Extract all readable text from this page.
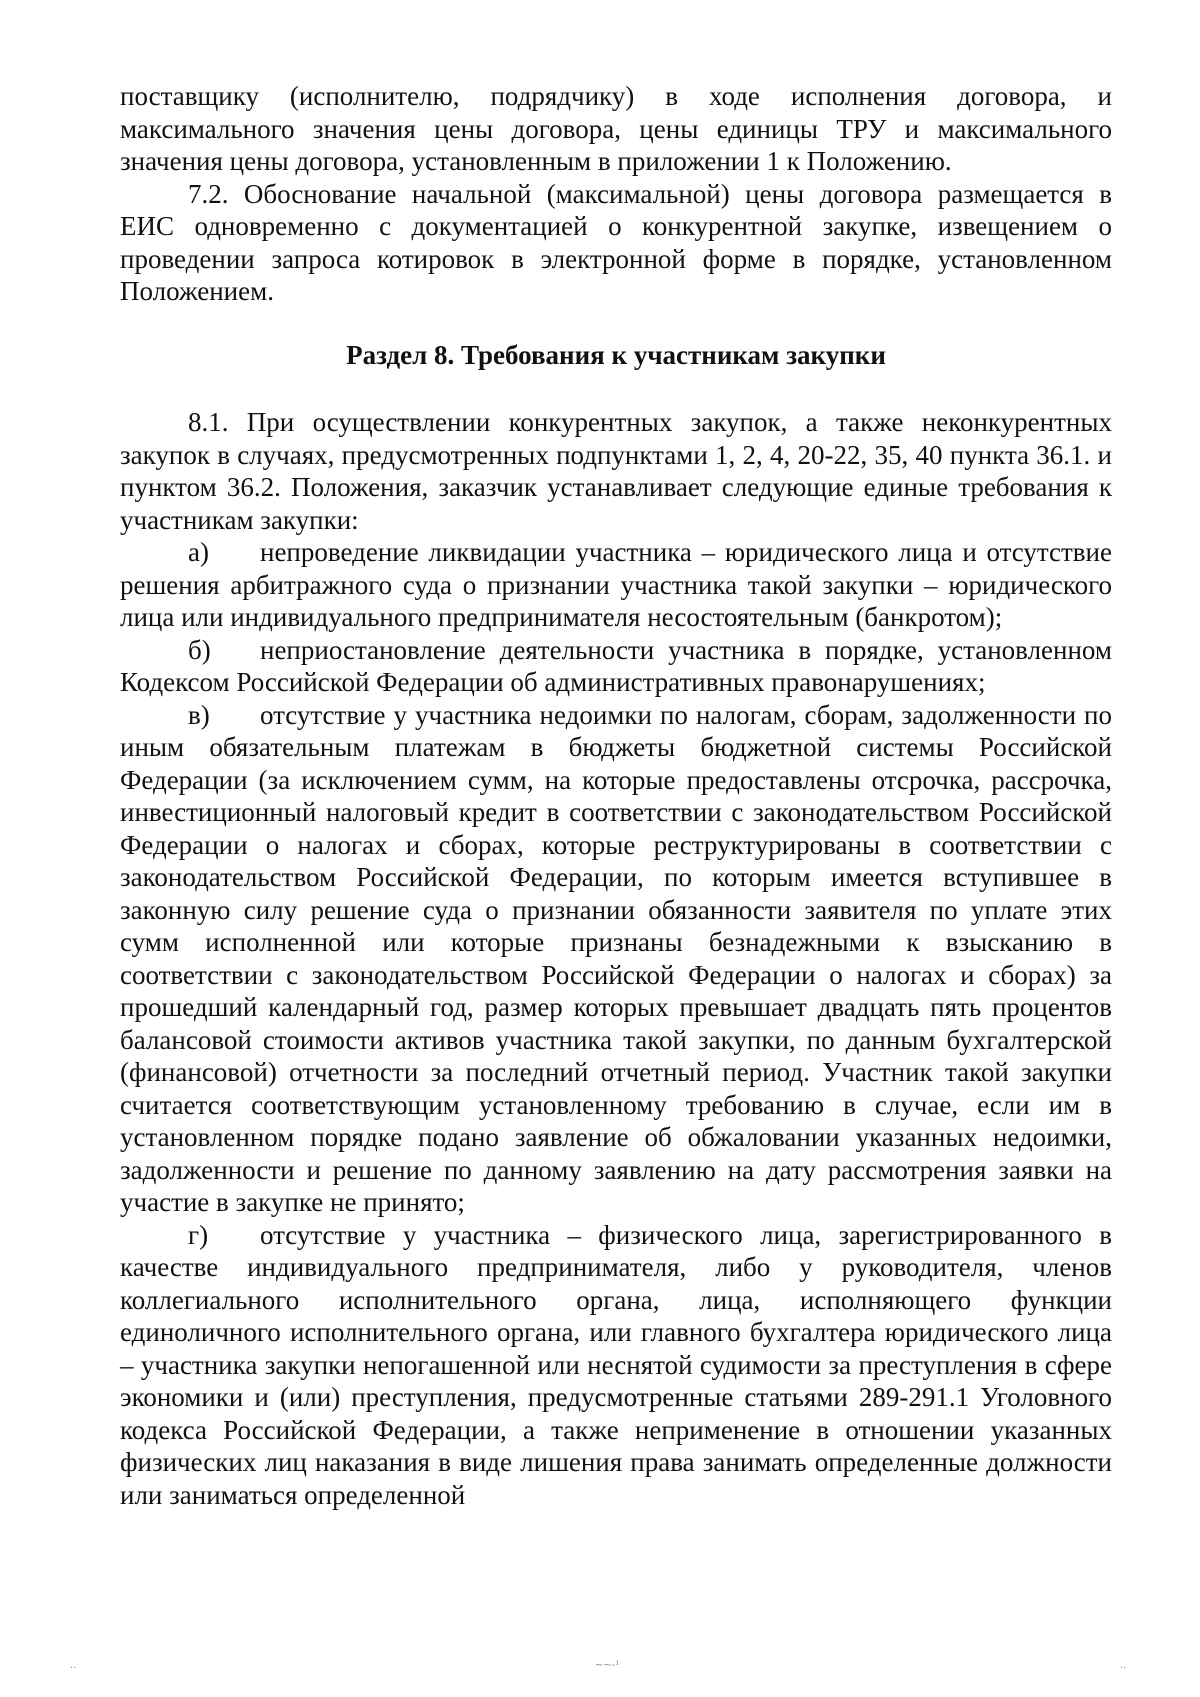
поставщику (исполнителю, подрядчику) в ходе исполнения договора, и максимального значения цены договора, цены единицы ТРУ и максимального значения цены договора, установленным в приложении 1 к Положению.

7.2. Обоснование начальной (максимальной) цены договора размещается в ЕИС одновременно с документацией о конкурентной закупке, извещением о проведении запроса котировок в электронной форме в порядке, установленном Положением.

Раздел 8. Требования к участникам закупки

8.1. При осуществлении конкурентных закупок, а также неконкурентных закупок в случаях, предусмотренных подпунктами 1, 2, 4, 20-22, 35, 40 пункта 36.1. и пунктом 36.2. Положения, заказчик устанавливает следующие единые требования к участникам закупки:

а) непроведение ликвидации участника – юридического лица и отсутствие решения арбитражного суда о признании участника такой закупки – юридического лица или индивидуального предпринимателя несостоятельным (банкротом);

б) неприостановление деятельности участника в порядке, установленном Кодексом Российской Федерации об административных правонарушениях;

в) отсутствие у участника недоимки по налогам, сборам, задолженности по иным обязательным платежам в бюджеты бюджетной системы Российской Федерации (за исключением сумм, на которые предоставлены отсрочка, рассрочка, инвестиционный налоговый кредит в соответствии с законодательством Российской Федерации о налогах и сборах, которые реструктурированы в соответствии с законодательством Российской Федерации, по которым имеется вступившее в законную силу решение суда о признании обязанности заявителя по уплате этих сумм исполненной или которые признаны безнадежными к взысканию в соответствии с законодательством Российской Федерации о налогах и сборах) за прошедший календарный год, размер которых превышает двадцать пять процентов балансовой стоимости активов участника такой закупки, по данным бухгалтерской (финансовой) отчетности за последний отчетный период. Участник такой закупки считается соответствующим установленному требованию в случае, если им в установленном порядке подано заявление об обжаловании указанных недоимки, задолженности и решение по данному заявлению на дату рассмотрения заявки на участие в закупке не принято;

г) отсутствие у участника – физического лица, зарегистрированного в качестве индивидуального предпринимателя, либо у руководителя, членов коллегиального исполнительного органа, лица, исполняющего функции единоличного исполнительного органа, или главного бухгалтера юридического лица – участника закупки непогашенной или неснятой судимости за преступления в сфере экономики и (или) преступления, предусмотренные статьями 289-291.1 Уголовного кодекса Российской Федерации, а также неприменение в отношении указанных физических лиц наказания в виде лишения права занимать определенные должности или заниматься определенной

..	~~-¹	..
